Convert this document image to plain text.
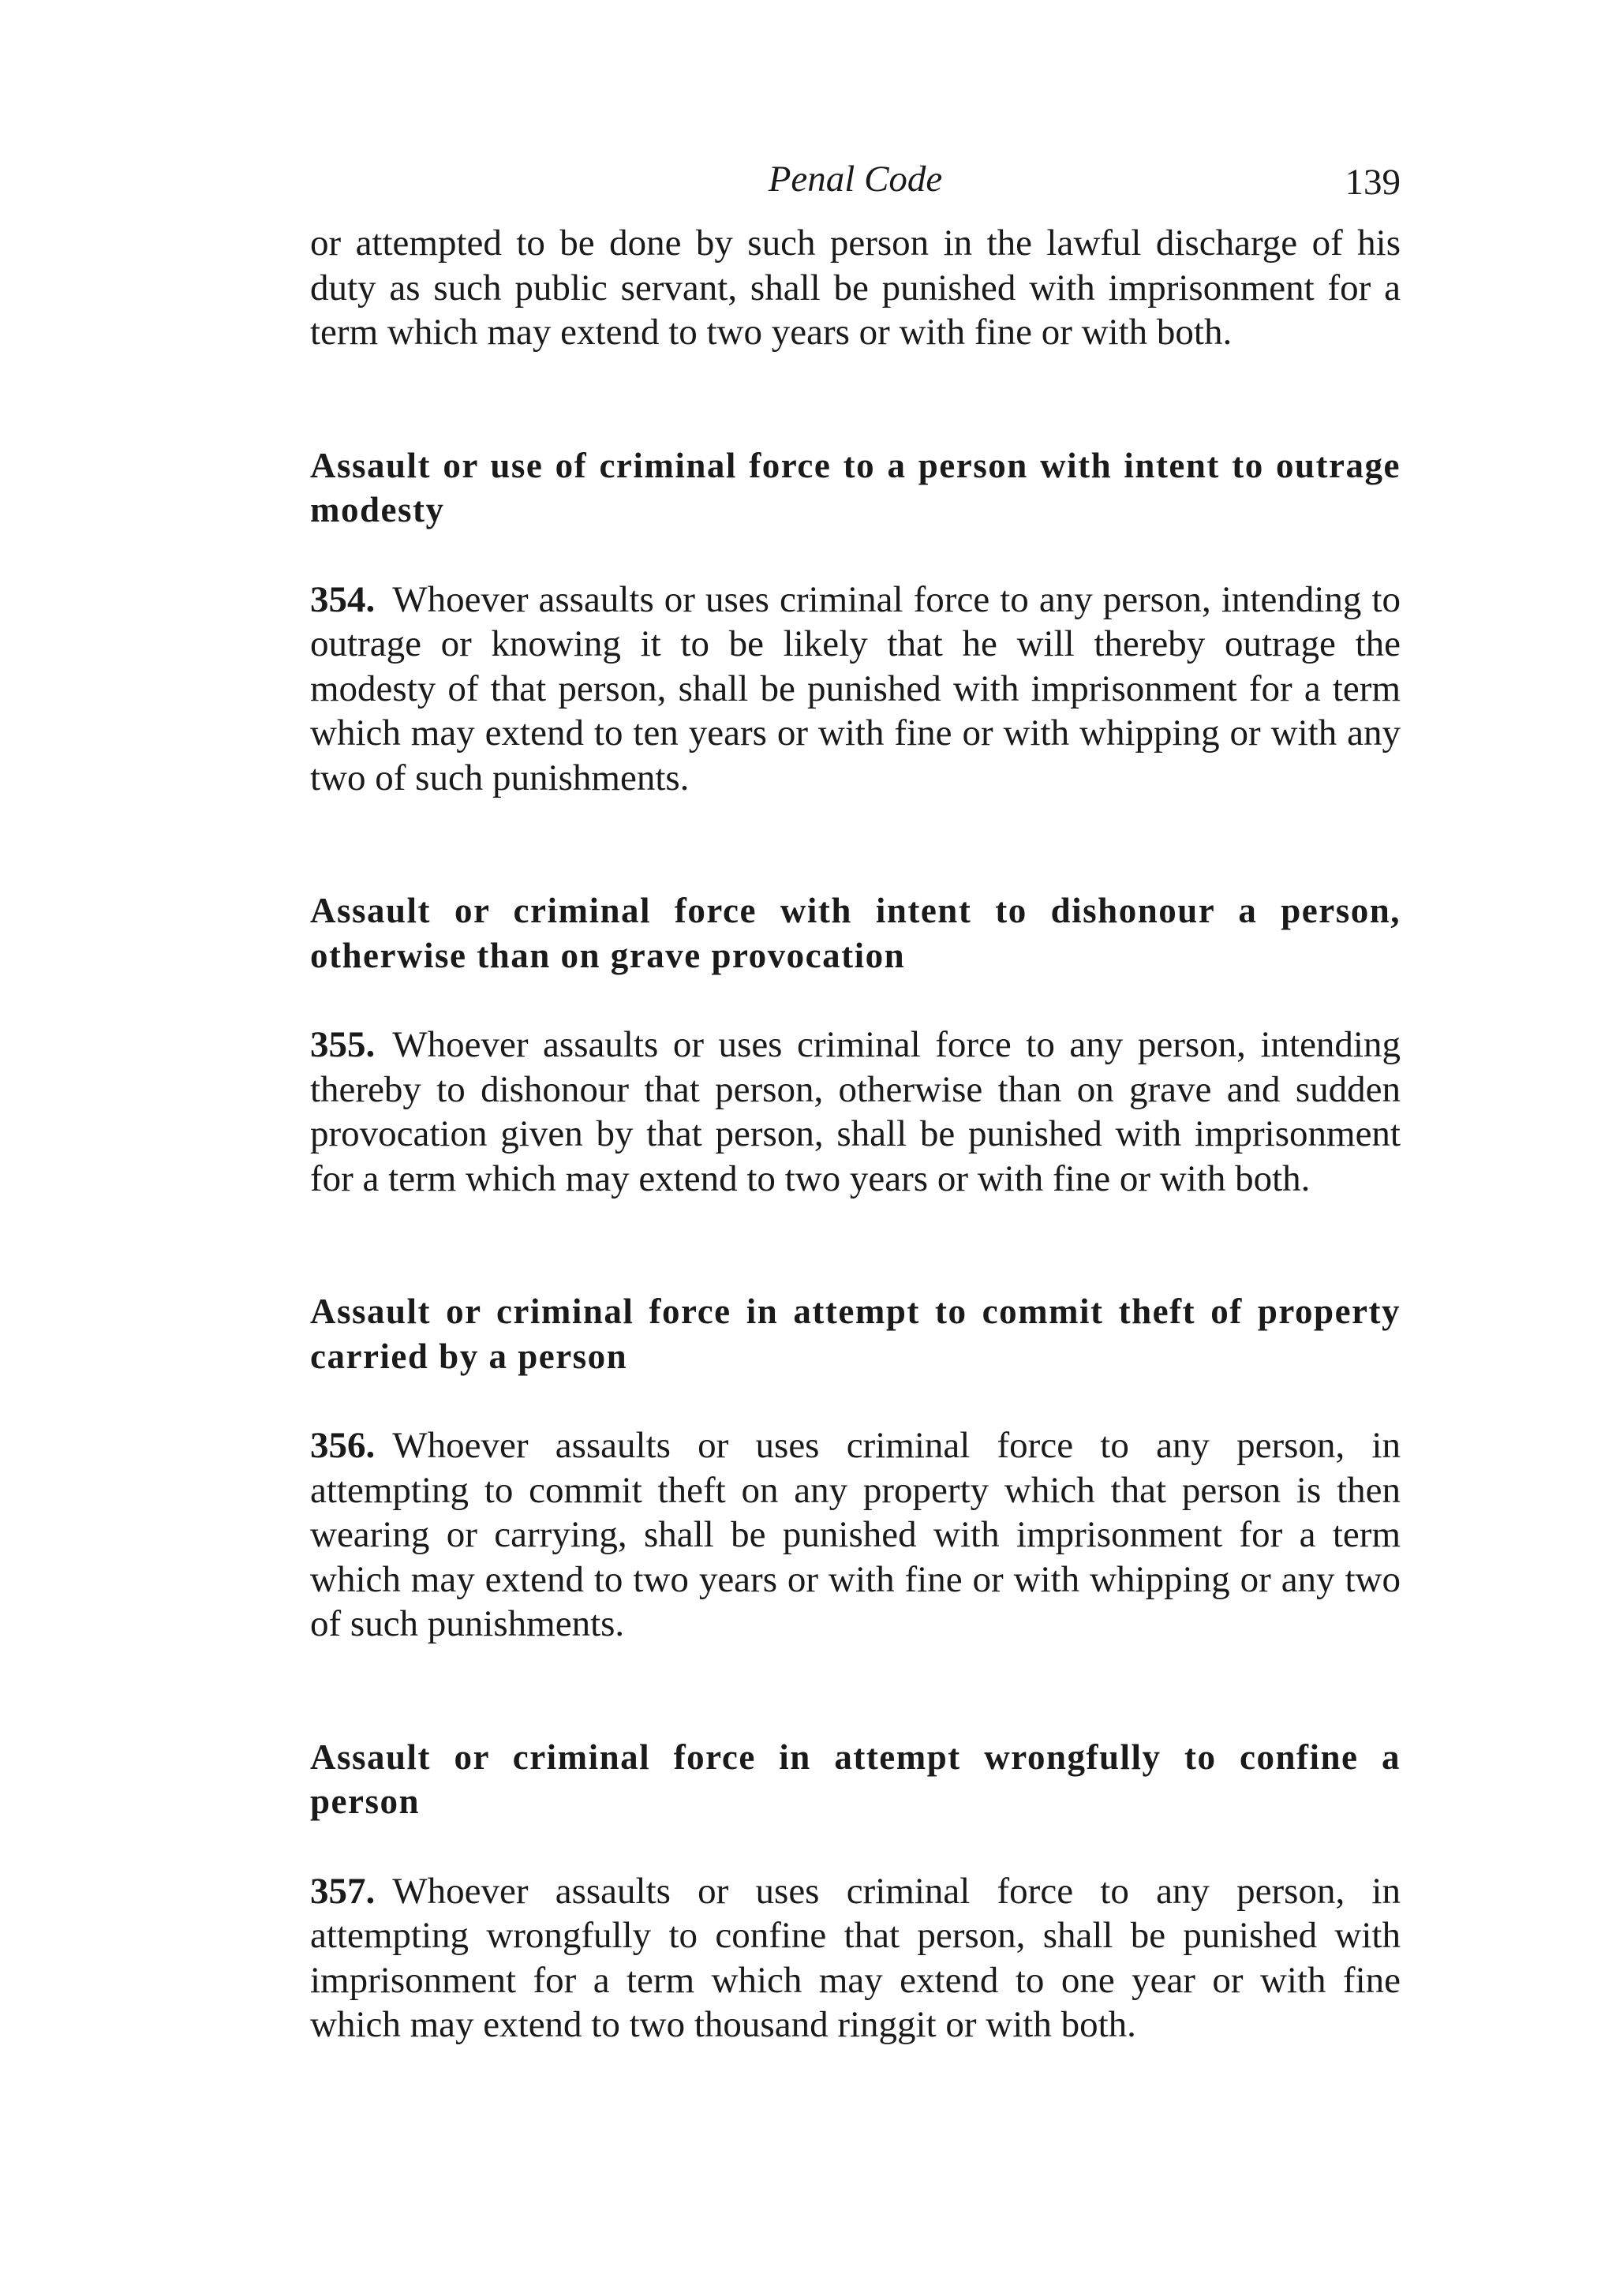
Penal Code	139

or attempted to be done by such person in the lawful discharge of his duty as such public servant, shall be punished with imprisonment for a term which may extend to two years or with fine or with both.

Assault or use of criminal force to a person with intent to outrage modesty

354. Whoever assaults or uses criminal force to any person, intending to outrage or knowing it to be likely that he will thereby outrage the modesty of that person, shall be punished with imprisonment for a term which may extend to ten years or with fine or with whipping or with any two of such punishments.

Assault or criminal force with intent to dishonour a person, otherwise than on grave provocation

355. Whoever assaults or uses criminal force to any person, intending thereby to dishonour that person, otherwise than on grave and sudden provocation given by that person, shall be punished with imprisonment for a term which may extend to two years or with fine or with both.

Assault or criminal force in attempt to commit theft of property carried by a person

356. Whoever assaults or uses criminal force to any person, in attempting to commit theft on any property which that person is then wearing or carrying, shall be punished with imprisonment for a term which may extend to two years or with fine or with whipping or any two of such punishments.

Assault or criminal force in attempt wrongfully to confine a person

357. Whoever assaults or uses criminal force to any person, in attempting wrongfully to confine that person, shall be punished with imprisonment for a term which may extend to one year or with fine which may extend to two thousand ringgit or with both.
